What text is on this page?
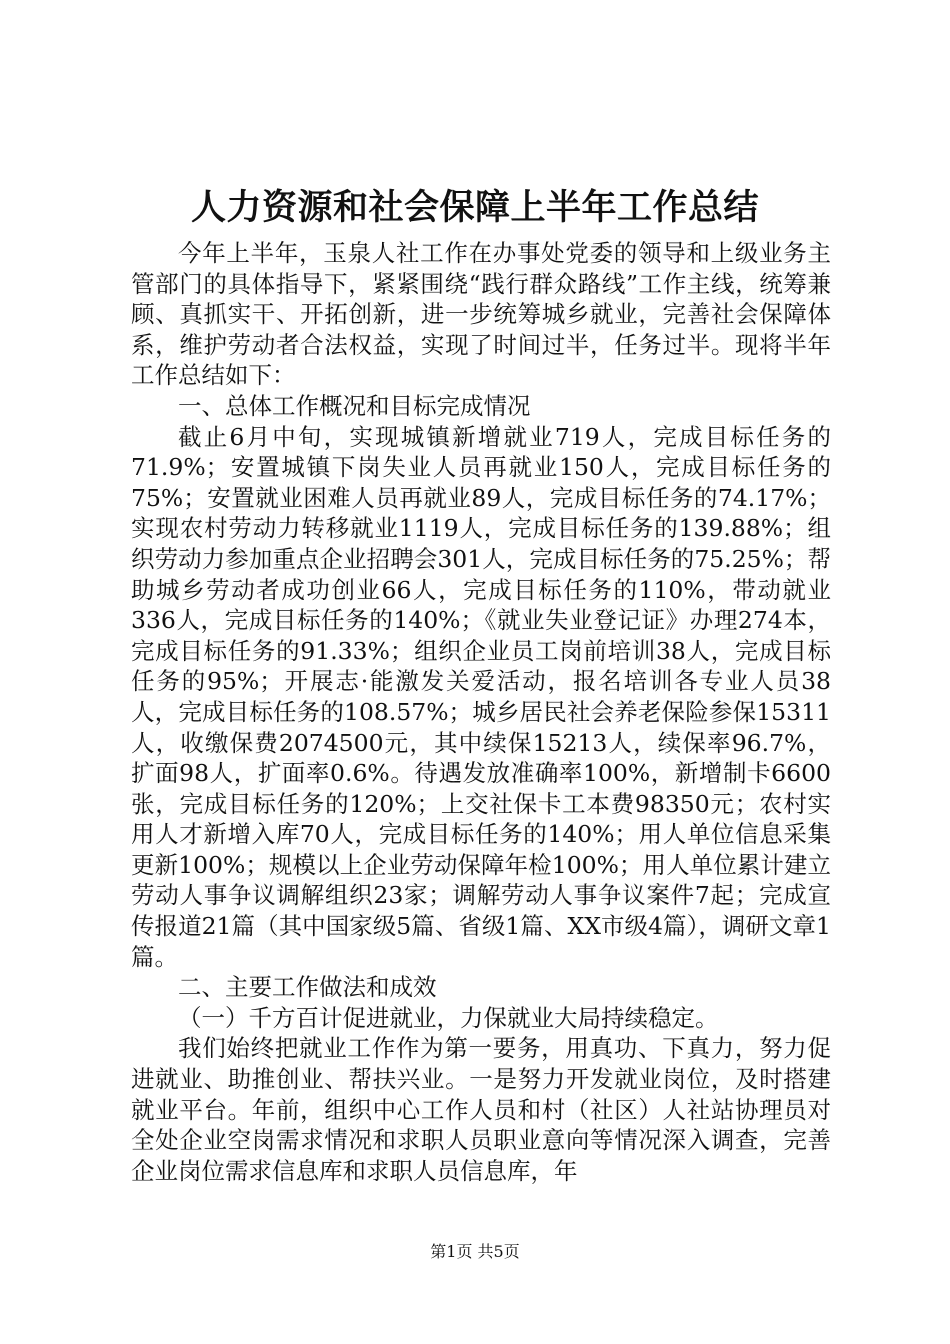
人力资源和社会保障上半年工作总结

今年上半年，玉泉人社工作在办事处党委的领导和上级业务主管部门的具体指导下，紧紧围绕“践行群众路线”工作主线，统筹兼顾、真抓实干、开拓创新，进一步统筹城乡就业，完善社会保障体系，维护劳动者合法权益，实现了时间过半，任务过半。现将半年工作总结如下：

一、总体工作概况和目标完成情况

截止6月中旬，实现城镇新增就业719人，完成目标任务的71.9%；安置城镇下岗失业人员再就业150人，完成目标任务的75%；安置就业困难人员再就业89人，完成目标任务的74.17%；实现农村劳动力转移就业1119人，完成目标任务的139.88%；组织劳动力参加重点企业招聘会301人，完成目标任务的75.25%；帮助城乡劳动者成功创业66人，完成目标任务的110%，带动就业336人，完成目标任务的140%；《就业失业登记证》办理274本，完成目标任务的91.33%；组织企业员工岗前培训38人，完成目标任务的95%；开展志·能激发关爱活动，报名培训各专业人员38人，完成目标任务的108.57%；城乡居民社会养老保险参保15311人，收缴保费2074500元，其中续保15213人，续保率96.7%，扩面98人，扩面率0.6%。待遇发放准确率100%，新增制卡6600张，完成目标任务的120%；上交社保卡工本费98350元；农村实用人才新增入库70人，完成目标任务的140%；用人单位信息采集更新100%；规模以上企业劳动保障年检100%；用人单位累计建立劳动人事争议调解组织23家；调解劳动人事争议案件7起；完成宣传报道21篇（其中国家级5篇、省级1篇、XX市级4篇），调研文章1篇。

二、主要工作做法和成效

（一）千方百计促进就业，力保就业大局持续稳定。

我们始终把就业工作作为第一要务，用真功、下真力，努力促进就业、助推创业、帮扶兴业。一是努力开发就业岗位，及时搭建就业平台。年前，组织中心工作人员和村（社区）人社站协理员对全处企业空岗需求情况和求职人员职业意向等情况深入调查，完善企业岗位需求信息库和求职人员信息库，年

第1页 共5页
